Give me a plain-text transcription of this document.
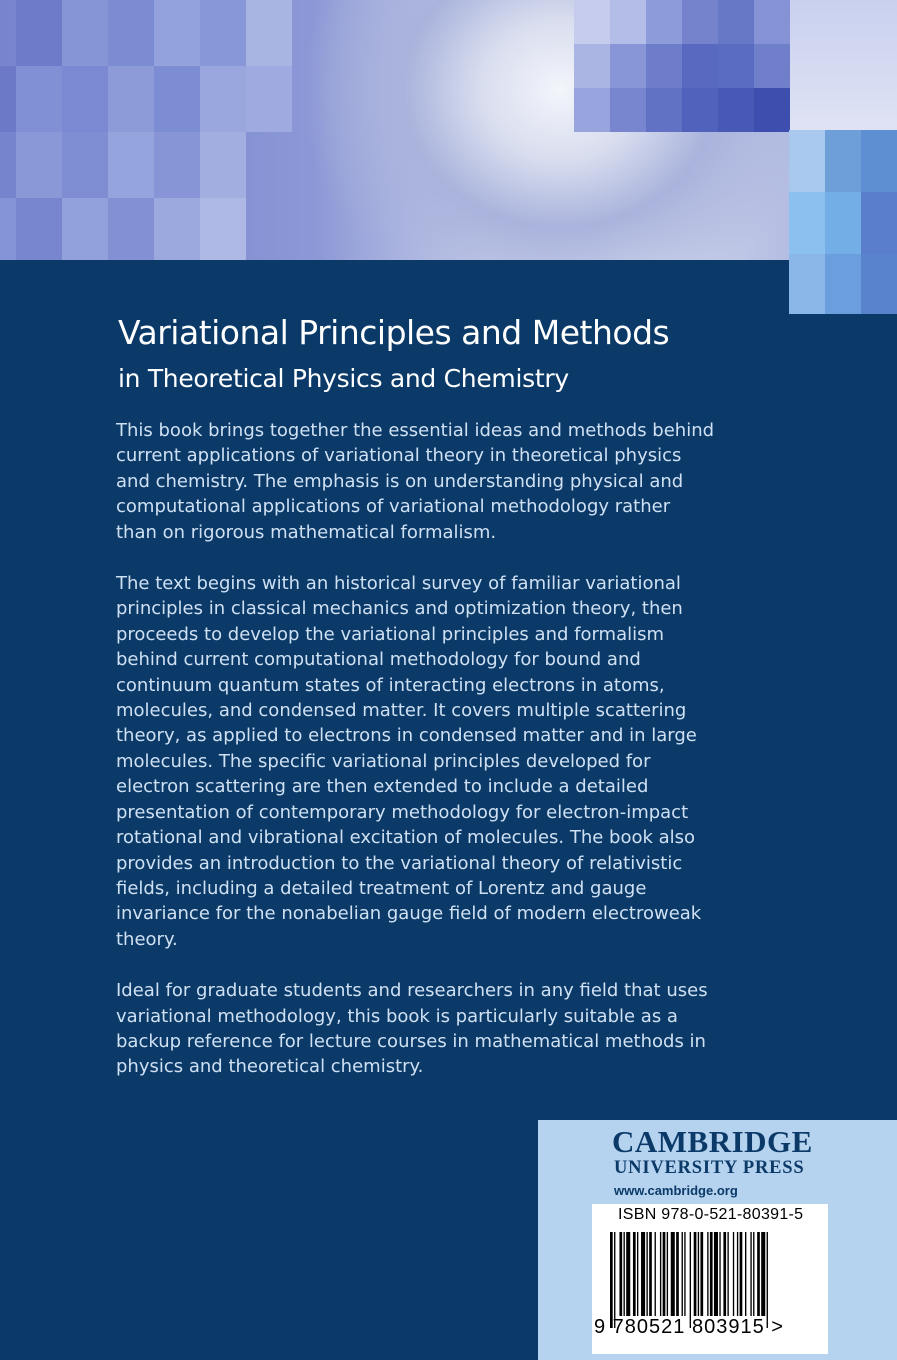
Variational Principles and Methods
in Theoretical Physics and Chemistry

This book brings together the essential ideas and methods behind current applications of variational theory in theoretical physics and chemistry. The emphasis is on understanding physical and computational applications of variational methodology rather than on rigorous mathematical formalism.

The text begins with an historical survey of familiar variational principles in classical mechanics and optimization theory, then proceeds to develop the variational principles and formalism behind current computational methodology for bound and continuum quantum states of interacting electrons in atoms, molecules, and condensed matter. It covers multiple scattering theory, as applied to electrons in condensed matter and in large molecules. The specific variational principles developed for electron scattering are then extended to include a detailed presentation of contemporary methodology for electron-impact rotational and vibrational excitation of molecules. The book also provides an introduction to the variational theory of relativistic fields, including a detailed treatment of Lorentz and gauge invariance for the nonabelian gauge field of modern electroweak theory.

Ideal for graduate students and researchers in any field that uses variational methodology, this book is particularly suitable as a backup reference for lecture courses in mathematical methods in physics and theoretical chemistry.

CAMBRIDGE
UNIVERSITY PRESS
www.cambridge.org
ISBN 978-0-521-80391-5
9 780521 803915 >
